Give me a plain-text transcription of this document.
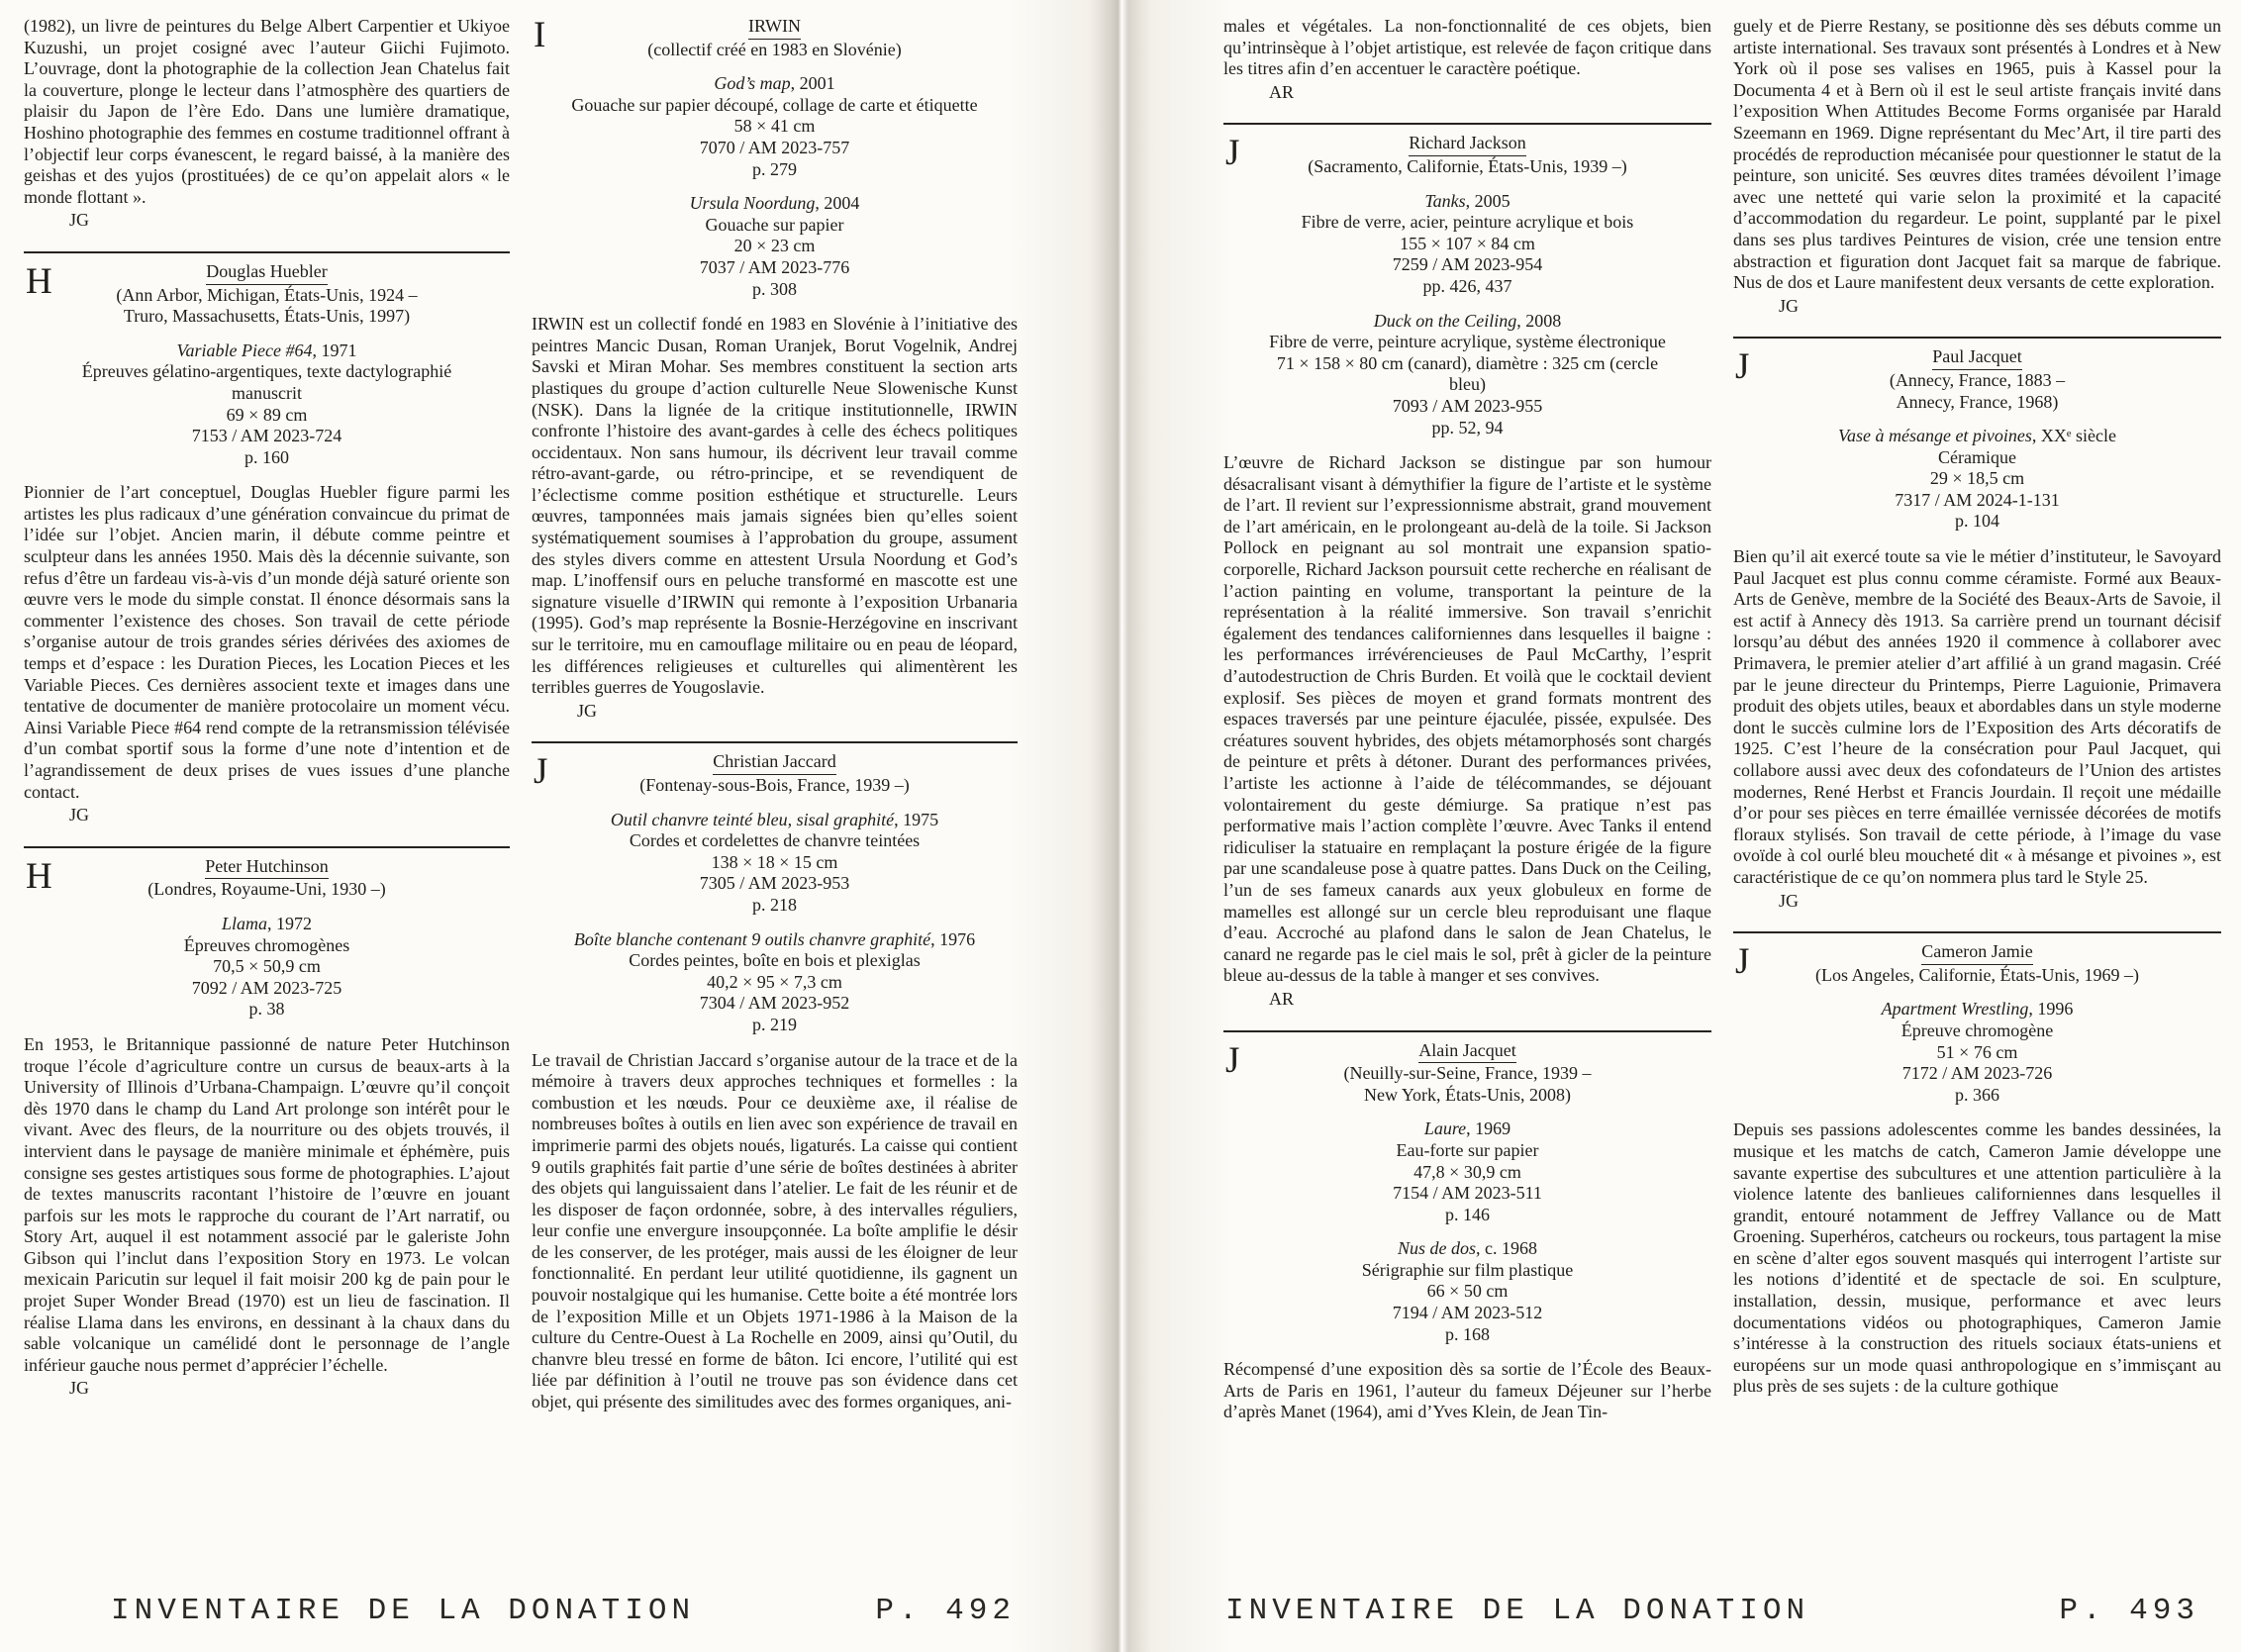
(1982), un livre de peintures du Belge Albert Carpentier et Ukiyoe Kuzushi, un projet cosigné avec l’auteur Giichi Fujimoto. L’ouvrage, dont la photographie de la collection Jean Chatelus fait la couverture, plonge le lecteur dans l’atmosphère des quartiers de plaisir du Japon de l’ère Edo. Dans une lumière dramatique, Hoshino photographie des femmes en costume traditionnel offrant à l’objectif leur corps évanescent, le regard baissé, à la manière des geishas et des yujos (prostituées) de ce qu’on appelait alors « le monde flottant ».
JG
H	Douglas Huebler
(Ann Arbor, Michigan, États-Unis, 1924 –
Truro, Massachusetts, États-Unis, 1997)
Variable Piece #64, 1971
Épreuves gélatino-argentiques, texte dactylographié manuscrit
69 × 89 cm
7153 / AM 2023-724
p. 160
Pionnier de l’art conceptuel, Douglas Huebler figure parmi les artistes les plus radicaux d’une génération convaincue du primat de l’idée sur l’objet. Ancien marin, il débute comme peintre et sculpteur dans les années 1950. Mais dès la décennie suivante, son refus d’être un fardeau vis-à-vis d’un monde déjà saturé oriente son œuvre vers le mode du simple constat. Il énonce désormais sans la commenter l’existence des choses. Son travail de cette période s’organise autour de trois grandes séries dérivées des axiomes de temps et d’espace : les Duration Pieces, les Location Pieces et les Variable Pieces. Ces dernières associent texte et images dans une tentative de documenter de manière protocolaire un moment vécu. Ainsi Variable Piece #64 rend compte de la retransmission télévisée d’un combat sportif sous la forme d’une note d’intention et de l’agrandissement de deux prises de vues issues d’une planche contact.
JG
H	Peter Hutchinson
(Londres, Royaume-Uni, 1930 –)
Llama, 1972
Épreuves chromogènes
70,5 × 50,9 cm
7092 / AM 2023-725
p. 38
En 1953, le Britannique passionné de nature Peter Hutchinson troque l’école d’agriculture contre un cursus de beaux-arts à la University of Illinois d’Urbana-Champaign. L’œuvre qu’il conçoit dès 1970 dans le champ du Land Art prolonge son intérêt pour le vivant. Avec des fleurs, de la nourriture ou des objets trouvés, il intervient dans le paysage de manière minimale et éphémère, puis consigne ses gestes artistiques sous forme de photographies. L’ajout de textes manuscrits racontant l’histoire de l’œuvre en jouant parfois sur les mots le rapproche du courant de l’Art narratif, ou Story Art, auquel il est notamment associé par le galeriste John Gibson qui l’inclut dans l’exposition Story en 1973. Le volcan mexicain Paricutin sur lequel il fait moisir 200 kg de pain pour le projet Super Wonder Bread (1970) est un lieu de fascination. Il réalise Llama dans les environs, en dessinant à la chaux dans du sable volcanique un camélidé dont le personnage de l’angle inférieur gauche nous permet d’apprécier l’échelle.
JG
I	IRWIN
(collectif créé en 1983 en Slovénie)
God’s map, 2001
Gouache sur papier découpé, collage de carte et étiquette
58 × 41 cm
7070 / AM 2023-757
p. 279
Ursula Noordung, 2004
Gouache sur papier
20 × 23 cm
7037 / AM 2023-776
p. 308
IRWIN est un collectif fondé en 1983 en Slovénie à l’initiative des peintres Mancic Dusan, Roman Uranjek, Borut Vogelnik, Andrej Savski et Miran Mohar. Ses membres constituent la section arts plastiques du groupe d’action culturelle Neue Slowenische Kunst (NSK). Dans la lignée de la critique institutionnelle, IRWIN confronte l’histoire des avant-gardes à celle des échecs politiques occidentaux. Non sans humour, ils décrivent leur travail comme rétro-avant-garde, ou rétro-principe, et se revendiquent de l’éclectisme comme position esthétique et structurelle. Leurs œuvres, tamponnées mais jamais signées bien qu’elles soient systématiquement soumises à l’approbation du groupe, assument des styles divers comme en attestent Ursula Noordung et God’s map. L’inoffensif ours en peluche transformé en mascotte est une signature visuelle d’IRWIN qui remonte à l’exposition Urbanaria (1995). God’s map représente la Bosnie-Herzégovine en inscrivant sur le territoire, mu en camouflage militaire ou en peau de léopard, les différences religieuses et culturelles qui alimentèrent les terribles guerres de Yougoslavie.
JG
J	Christian Jaccard
(Fontenay-sous-Bois, France, 1939 –)
Outil chanvre teinté bleu, sisal graphité, 1975
Cordes et cordelettes de chanvre teintées
138 × 18 × 15 cm
7305 / AM 2023-953
p. 218
Boîte blanche contenant 9 outils chanvre graphité, 1976
Cordes peintes, boîte en bois et plexiglas
40,2 × 95 × 7,3 cm
7304 / AM 2023-952
p. 219
Le travail de Christian Jaccard s’organise autour de la trace et de la mémoire à travers deux approches techniques et formelles : la combustion et les nœuds. Pour ce deuxième axe, il réalise de nombreuses boîtes à outils en lien avec son expérience de travail en imprimerie parmi des objets noués, ligaturés. La caisse qui contient 9 outils graphités fait partie d’une série de boîtes destinées à abriter des objets qui languissaient dans l’atelier. Le fait de les réunir et de les disposer de façon ordonnée, sobre, à des intervalles réguliers, leur confie une envergure insoupçonnée. La boîte amplifie le désir de les conserver, de les protéger, mais aussi de les éloigner de leur fonctionnalité. En perdant leur utilité quotidienne, ils gagnent un pouvoir nostalgique qui les humanise. Cette boite a été montrée lors de l’exposition Mille et un Objets 1971-1986 à la Maison de la culture du Centre-Ouest à La Rochelle en 2009, ainsi qu’Outil, du chanvre bleu tressé en forme de bâton. Ici encore, l’utilité qui est liée par définition à l’outil ne trouve pas son évidence dans cet objet, qui présente des similitudes avec des formes organiques, ani-
INVENTAIRE DE LA DONATION	P. 492
males et végétales. La non-fonctionnalité de ces objets, bien qu’intrinsèque à l’objet artistique, est relevée de façon critique dans les titres afin d’en accentuer le caractère poétique.
AR
J	Richard Jackson
(Sacramento, Californie, États-Unis, 1939 –)
Tanks, 2005
Fibre de verre, acier, peinture acrylique et bois
155 × 107 × 84 cm
7259 / AM 2023-954
pp. 426, 437
Duck on the Ceiling, 2008
Fibre de verre, peinture acrylique, système électronique
71 × 158 × 80 cm (canard), diamètre : 325 cm (cercle bleu)
7093 / AM 2023-955
pp. 52, 94
L’œuvre de Richard Jackson se distingue par son humour désacralisant visant à démythifier la figure de l’artiste et le système de l’art. Il revient sur l’expressionnisme abstrait, grand mouvement de l’art américain, en le prolongeant au-delà de la toile. Si Jackson Pollock en peignant au sol montrait une expansion spatio-corporelle, Richard Jackson poursuit cette recherche en réalisant de l’action painting en volume, transportant la peinture de la représentation à la réalité immersive. Son travail s’enrichit également des tendances californiennes dans lesquelles il baigne : les performances irrévérencieuses de Paul McCarthy, l’esprit d’autodestruction de Chris Burden. Et voilà que le cocktail devient explosif. Ses pièces de moyen et grand formats montrent des espaces traversés par une peinture éjaculée, pissée, expulsée. Des créatures souvent hybrides, des objets métamorphosés sont chargés de peinture et prêts à détoner. Durant des performances privées, l’artiste les actionne à l’aide de télécommandes, se déjouant volontairement du geste démiurge. Sa pratique n’est pas performative mais l’action complète l’œuvre. Avec Tanks il entend ridiculiser la statuaire en remplaçant la posture érigée de la figure par une scandaleuse pose à quatre pattes. Dans Duck on the Ceiling, l’un de ses fameux canards aux yeux globuleux en forme de mamelles est allongé sur un cercle bleu reproduisant une flaque d’eau. Accroché au plafond dans le salon de Jean Chatelus, le canard ne regarde pas le ciel mais le sol, prêt à gicler de la peinture bleue au-dessus de la table à manger et ses convives.
AR
J	Alain Jacquet
(Neuilly-sur-Seine, France, 1939 –
New York, États-Unis, 2008)
Laure, 1969
Eau-forte sur papier
47,8 × 30,9 cm
7154 / AM 2023-511
p. 146
Nus de dos, c. 1968
Sérigraphie sur film plastique
66 × 50 cm
7194 / AM 2023-512
p. 168
Récompensé d’une exposition dès sa sortie de l’École des Beaux-Arts de Paris en 1961, l’auteur du fameux Déjeuner sur l’herbe d’après Manet (1964), ami d’Yves Klein, de Jean Tin-
guely et de Pierre Restany, se positionne dès ses débuts comme un artiste international. Ses travaux sont présentés à Londres et à New York où il pose ses valises en 1965, puis à Kassel pour la Documenta 4 et à Bern où il est le seul artiste français invité dans l’exposition When Attitudes Become Forms organisée par Harald Szeemann en 1969. Digne représentant du Mec’Art, il tire parti des procédés de reproduction mécanisée pour questionner le statut de la peinture, son unicité. Ses œuvres dites tramées dévoilent l’image avec une netteté qui varie selon la proximité et la capacité d’accommodation du regardeur. Le point, supplanté par le pixel dans ses plus tardives Peintures de vision, crée une tension entre abstraction et figuration dont Jacquet fait sa marque de fabrique. Nus de dos et Laure manifestent deux versants de cette exploration.
JG
J	Paul Jacquet
(Annecy, France, 1883 –
Annecy, France, 1968)
Vase à mésange et pivoines, XXᵉ siècle
Céramique
29 × 18,5 cm
7317 / AM 2024-1-131
p. 104
Bien qu’il ait exercé toute sa vie le métier d’instituteur, le Savoyard Paul Jacquet est plus connu comme céramiste. Formé aux Beaux-Arts de Genève, membre de la Société des Beaux-Arts de Savoie, il est actif à Annecy dès 1913. Sa carrière prend un tournant décisif lorsqu’au début des années 1920 il commence à collaborer avec Primavera, le premier atelier d’art affilié à un grand magasin. Créé par le jeune directeur du Printemps, Pierre Laguionie, Primavera produit des objets utiles, beaux et abordables dans un style moderne dont le succès culmine lors de l’Exposition des Arts décoratifs de 1925. C’est l’heure de la consécration pour Paul Jacquet, qui collabore aussi avec deux des cofondateurs de l’Union des artistes modernes, René Herbst et Francis Jourdain. Il reçoit une médaille d’or pour ses pièces en terre émaillée vernissée décorées de motifs floraux stylisés. Son travail de cette période, à l’image du vase ovoïde à col ourlé bleu moucheté dit « à mésange et pivoines », est caractéristique de ce qu’on nommera plus tard le Style 25.
JG
J	Cameron Jamie
(Los Angeles, Californie, États-Unis, 1969 –)
Apartment Wrestling, 1996
Épreuve chromogène
51 × 76 cm
7172 / AM 2023-726
p. 366
Depuis ses passions adolescentes comme les bandes dessinées, la musique et les matchs de catch, Cameron Jamie développe une savante expertise des subcultures et une attention particulière à la violence latente des banlieues californiennes dans lesquelles il grandit, entouré notamment de Jeffrey Vallance ou de Matt Groening. Superhéros, catcheurs ou rockeurs, tous partagent la mise en scène d’alter egos souvent masqués qui interrogent l’artiste sur les notions d’identité et de spectacle de soi. En sculpture, installation, dessin, musique, performance et avec leurs documentations vidéos ou photographiques, Cameron Jamie s’intéresse à la construction des rituels sociaux états-uniens et européens sur un mode quasi anthropologique en s’immisçant au plus près de ses sujets : de la culture gothique
INVENTAIRE DE LA DONATION	P. 493
